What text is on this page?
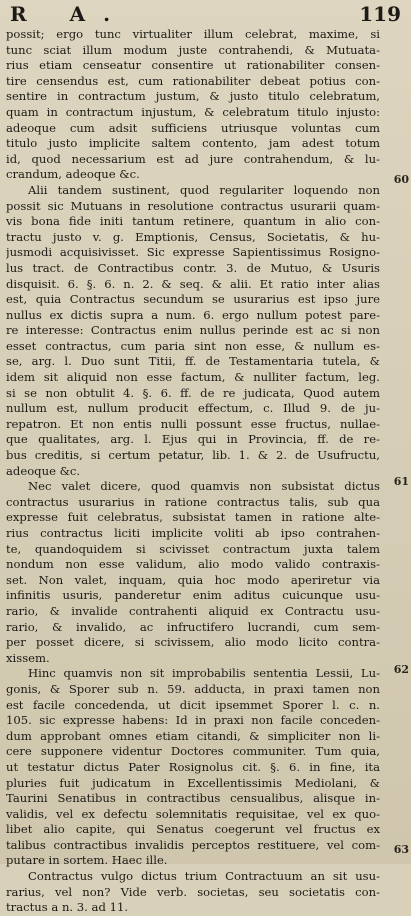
R A.	119
possit; ergo tunc virtualiter illum celebrat, maxime, si
tunc sciat illum modum juste contrahendi, & Mutuata-
rius etiam censeatur consentire ut rationabiliter consen-
tire censendus est, cum rationabiliter debeat potius con-
sentire in contractum justum, & justo titulo celebratum,
quam in contractum injustum, & celebratum titulo injusto:
adeoque cum adsit sufficiens utriusque voluntas cum
titulo justo implicite saltem contento, jam adest totum
id, quod necessarium est ad jure contrahendum, & lu-
crandum, adeoque &c.
Alii tandem sustinent, quod regulariter loquendo non
possit sic Mutuans in resolutione contractus usurarii quam-
vis bona fide initi tantum retinere, quantum in alio con-
tractu justo v. g. Emptionis, Census, Societatis, & hu-
jusmodi acquisivisset. Sic expresse Sapientissimus Rosigno-
lus tract. de Contractibus contr. 3. de Mutuo, & Usuris
disquisit. 6. §. 6. n. 2. & seq. & alii. Et ratio inter alias
est, quia Contractus secundum se usurarius est ipso jure
nullus ex dictis supra a num. 6. ergo nullum potest pare-
re interesse: Contractus enim nullus perinde est ac si non
esset contractus, cum paria sint non esse, & nullum es-
se, arg. l. Duo sunt Titii, ff. de Testamentaria tutela, &
idem sit aliquid non esse factum, & nulliter factum, leg.
si se non obtulit 4. §. 6. ff. de re judicata, Quod autem
nullum est, nullum producit effectum, c. Illud 9. de ju-
repatron. Et non entis nulli possunt esse fructus, nullae-
que qualitates, arg. l. Ejus qui in Provincia, ff. de re-
bus creditis, si certum petatur, lib. 1. & 2. de Usufructu,
adeoque &c.
Nec valet dicere, quod quamvis non subsistat dictus
contractus usurarius in ratione contractus talis, sub qua
expresse fuit celebratus, subsistat tamen in ratione alte-
rius contractus liciti implicite voliti ab ipso contrahen-
te, quandoquidem si scivisset contractum juxta talem
nondum non esse validum, alio modo valido contraxis-
set. Non valet, inquam, quia hoc modo aperiretur via
infinitis usuris, panderetur enim aditus cuicunque usu-
rario, & invalide contrahenti aliquid ex Contractu usu-
rario, & invalido, ac infructifero lucrandi, cum sem-
per posset dicere, si scivissem, alio modo licito contra-
xissem.
Hinc quamvis non sit improbabilis sententia Lessii, Lu-
gonis, & Sporer sub n. 59. adducta, in praxi tamen non
est facile concedenda, ut dicit ipsemmet Sporer l. c. n.
105. sic expresse habens: Id in praxi non facile conceden-
dum approbant omnes etiam citandi, & simpliciter non li-
cere supponere videntur Doctores communiter. Tum quia,
ut testatur dictus Pater Rosignolus cit. §. 6. in fine, ita
pluries fuit judicatum in Excellentissimis Mediolani, &
Taurini Senatibus in contractibus censualibus, alisque in-
validis, vel ex defectu solemnitatis requisitae, vel ex quo-
libet alio capite, qui Senatus coegerunt vel fructus ex
talibus contractibus invalidis perceptos restituere, vel com-
putare in sortem. Haec ille.
Contractus vulgo dictus trium Contractuum an sit usu-
rarius, vel non? Vide verb. societas, seu societatis con-
tractus a n. 3. ad 11.
60
61
62
63
